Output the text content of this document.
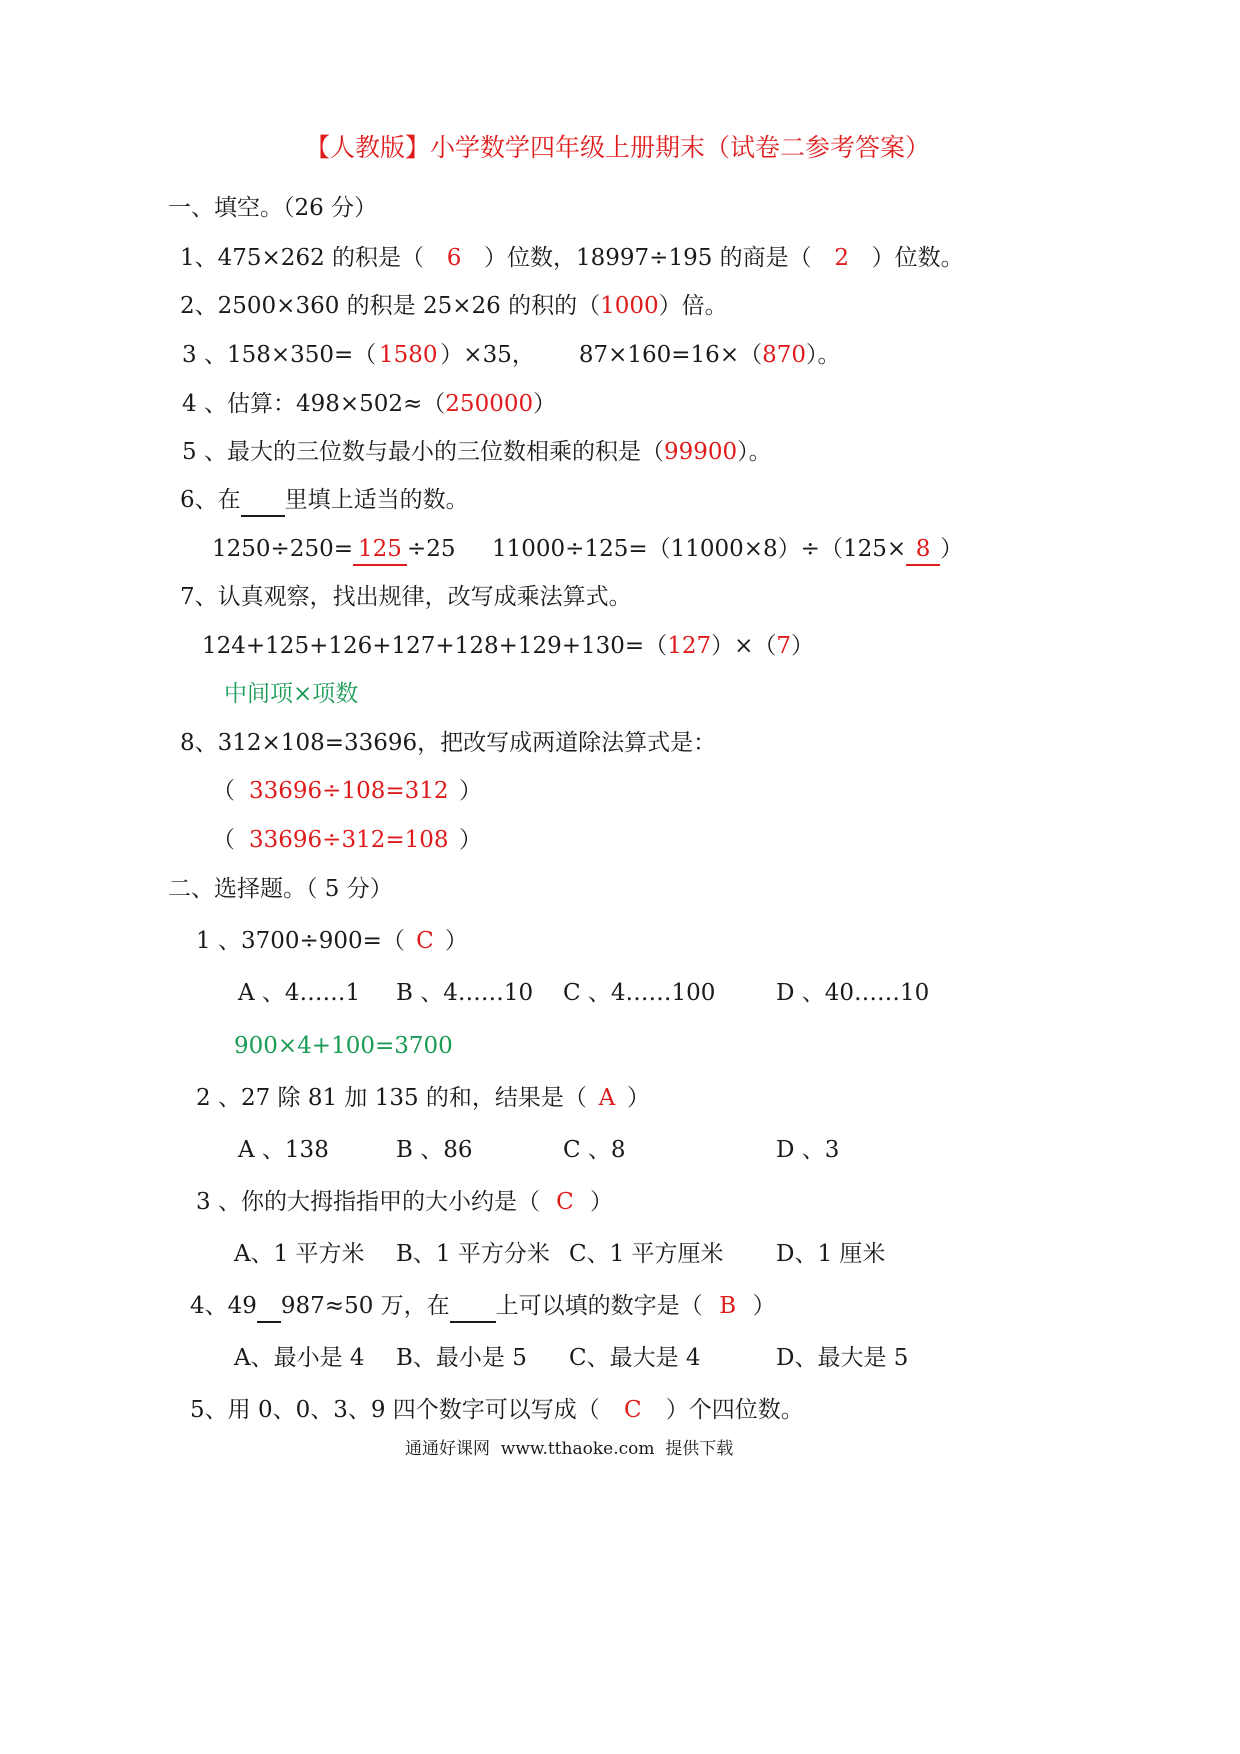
【人教版】小学数学四年级上册期末（试卷二参考答案）
一、填空。（26 分）
1、475×262 的积是（ 6 ）位数，18997÷195 的商是（ 2 ）位数。
2、2500×360 的积是 25×26 的积的（1000）倍。
3 、158×350=（ 1580 ）×35， 87×160=16×（870）。
4 、估算：498×502≈（250000）
5 、最大的三位数与最小的三位数相乘的积是（99900）。
6、在 里填上适当的数。
1250÷250= 125 ÷25 11000÷125=（11000×8）÷（125× 8 ）
7、认真观察，找出规律，改写成乘法算式。
124+125+126+127+128+129+130=（127）×（7）
中间项×项数
8、312×108=33696，把改写成两道除法算式是：
（ 33696÷108=312 ）
（ 33696÷312=108 ）
二、选择题。（ 5 分）
1 、3700÷900=（ C ）
A 、4……1 B 、4……10 C 、4……100	D 、40……10
900×4+100=3700
2 、27 除 81 加 135 的和，结果是（ A ）
A 、138	B 、86	C 、8	D 、3
3 、你的大拇指指甲的大小约是（ C ）
A、1 平方米 B、1 平方分米 C、1 平方厘米 D、1 厘米
4、49 987≈50 万，在 上可以填的数字是（ B ）
A、最小是 4 B、最小是 5 C、最大是 4	D、最大是 5
5、用 0、0、3、9 四个数字可以写成（ C ）个四位数。
通通好课网  www.tthaoke.com  提供下载
